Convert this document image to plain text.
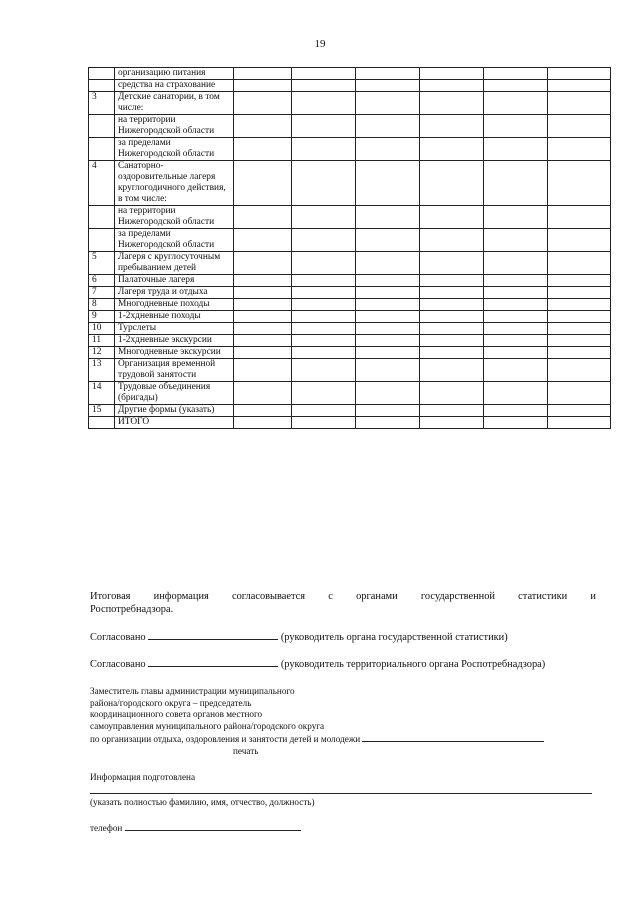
19
	организацию питания						
	средства на страхование						
3	Детские санатории, в том числе:						
	на территории Нижегородской области						
	за пределами Нижегородской области						
4	Санаторно-оздоровительные лагеря круглогодичного действия, в том числе:						
	на территории Нижегородской области						
	за пределами Нижегородской области						
5	Лагеря с круглосуточным пребыванием детей						
6	Палаточные лагеря						
7	Лагеря труда и отдыха						
8	Многодневные походы						
9	1-2хдневные походы						
10	Турслеты						
11	1-2хдневные экскурсии						
12	Многодневные экскурсии						
13	Организация временной трудовой занятости						
14	Трудовые объединения (бригады)						
15	Другие формы (указать)						
	ИТОГО						
Итоговая информация согласовывается с органами государственной статистики и
Роспотребнадзора.
Согласовано	(руководитель органа государственной статистики)
Согласовано	(руководитель территориального органа Роспотребнадзора)
Заместитель главы администрации муниципального
района/городского округа – председатель
координационного совета органов местного
самоуправления муниципального района/городского округа
по организации отдыха, оздоровления и занятости детей и молодежи
печать
Информация подготовлена
(указать полностью фамилию, имя, отчество, должность)
телефон
